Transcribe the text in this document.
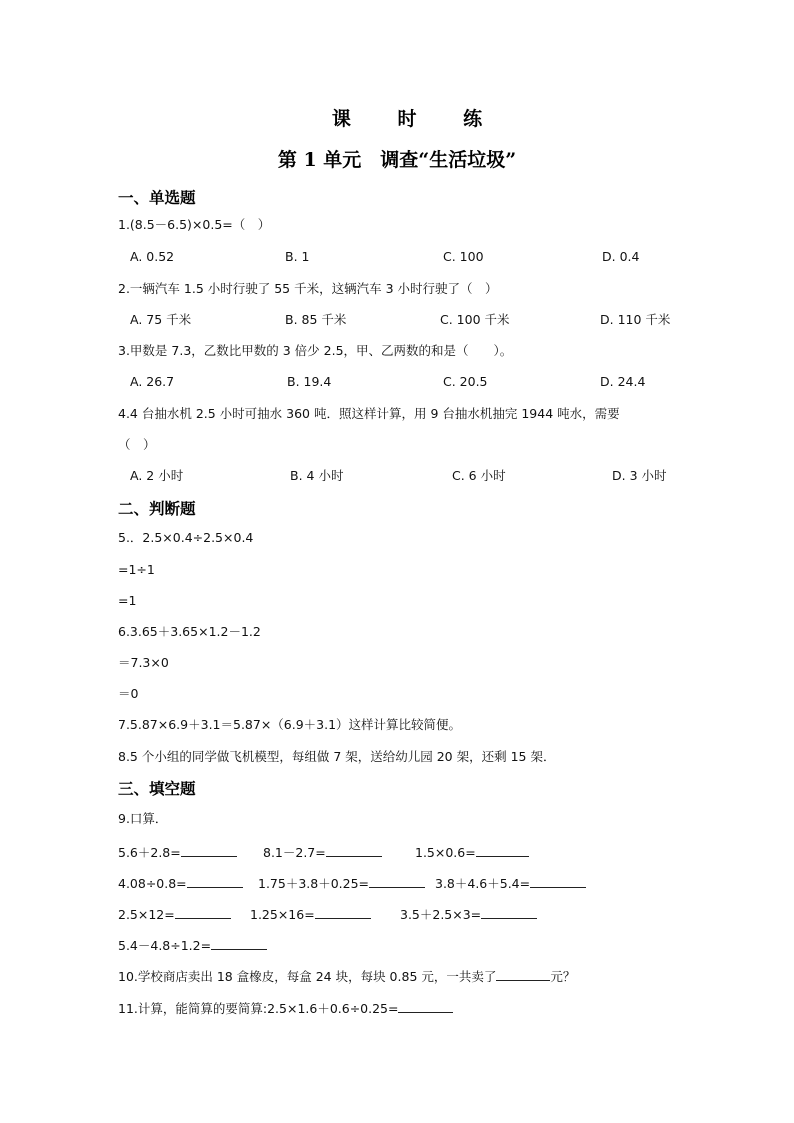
课 时 练
第 1 单元　调查“生活垃圾”
一、单选题
1.(8.5－6.5)×0.5=（　）
A. 0.52	B. 1	C. 100	D. 0.4
2.一辆汽车 1.5 小时行驶了 55 千米，这辆汽车 3 小时行驶了（　）
A. 75 千米	B. 85 千米	C. 100 千米	D. 110 千米
3.甲数是 7.3，乙数比甲数的 3 倍少 2.5，甲、乙两数的和是（　　）。
A. 26.7	B. 19.4	C. 20.5	D. 24.4
4.4 台抽水机 2.5 小时可抽水 360 吨．照这样计算，用 9 台抽水机抽完 1944 吨水，需要
（　）
A. 2 小时	B. 4 小时	C. 6 小时	D. 3 小时
二、判断题
5.．2.5×0.4÷2.5×0.4
=1÷1
=1
6.3.65＋3.65×1.2－1.2
＝7.3×0
＝0
7.5.87×6.9＋3.1＝5.87×（6.9＋3.1）这样计算比较简便。
8.5 个小组的同学做飞机模型，每组做 7 架，送给幼儿园 20 架，还剩 15 架．
三、填空题
9.口算．
5.6＋2.8=	8.1－2.7=	1.5×0.6=
4.08÷0.8=	1.75＋3.8＋0.25=	3.8＋4.6＋5.4=
2.5×12=	1.25×16=	3.5＋2.5×3=
5.4－4.8÷1.2=
10.学校商店卖出 18 盒橡皮，每盒 24 块，每块 0.85 元，一共卖了	元？
11.计算，能简算的要简算:2.5×1.6＋0.6÷0.25=
